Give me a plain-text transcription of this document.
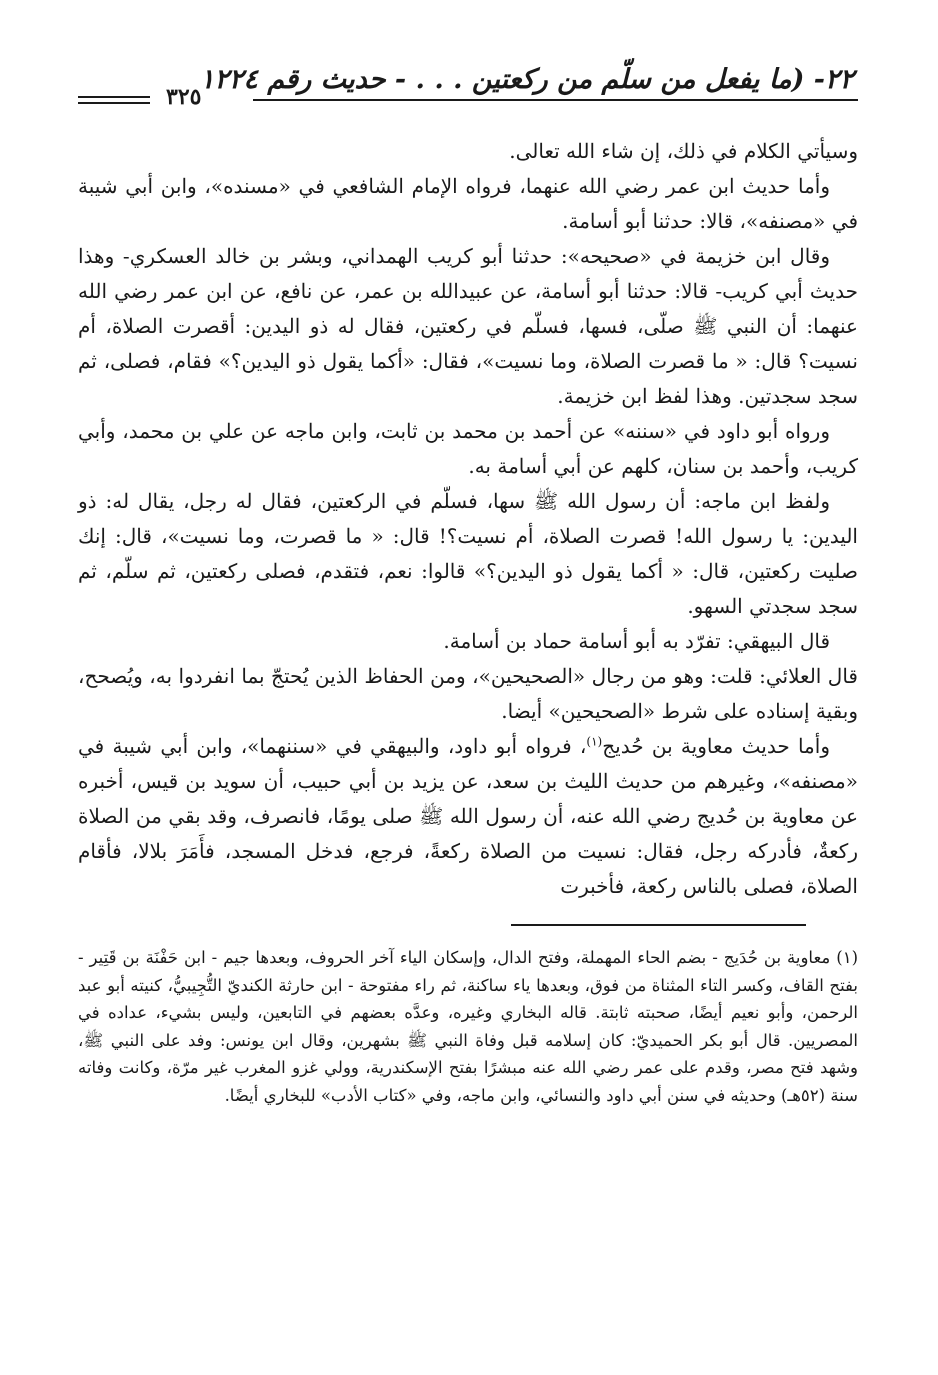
٢٢- (ما يفعل من سلّم من ركعتين . . . - حديث رقم ١٢٢٤
٣٢٥

وسيأتي الكلام في ذلك، إن شاء الله تعالى.

وأما حديث ابن عمر رضي الله عنهما، فرواه الإمام الشافعي في «مسنده»، وابن أبي شيبة في «مصنفه»، قالا: حدثنا أبو أسامة.

وقال ابن خزيمة في «صحيحه»: حدثنا أبو كريب الهمداني، وبشر بن خالد العسكري- وهذا حديث أبي كريب- قالا: حدثنا أبو أسامة، عن عبيدالله بن عمر، عن نافع، عن ابن عمر رضي الله عنهما: أن النبي ﷺ صلّى، فسها، فسلّم في ركعتين، فقال له ذو اليدين: أقصرت الصلاة، أم نسيت؟ قال: « ما قصرت الصلاة، وما نسيت»، فقال: «أكما يقول ذو اليدين؟» فقام، فصلى، ثم سجد سجدتين. وهذا لفظ ابن خزيمة.

ورواه أبو داود في «سننه» عن أحمد بن محمد بن ثابت، وابن ماجه عن علي بن محمد، وأبي كريب، وأحمد بن سنان، كلهم عن أبي أسامة به.

ولفظ ابن ماجه: أن رسول الله ﷺ سها، فسلّم في الركعتين، فقال له رجل، يقال له: ذو اليدين: يا رسول الله! قصرت الصلاة، أم نسيت؟! قال: « ما قصرت، وما نسيت»، قال: إنك صليت ركعتين، قال: « أكما يقول ذو اليدين؟» قالوا: نعم، فتقدم، فصلى ركعتين، ثم سلّم، ثم سجد سجدتي السهو.

قال البيهقي: تفرّد به أبو أسامة حماد بن أسامة.

قال العلائي: قلت: وهو من رجال «الصحيحين»، ومن الحفاظ الذين يُحتجّ بما انفردوا به، ويُصحح، وبقية إسناده على شرط «الصحيحين» أيضا.

وأما حديث معاوية بن حُديج$^{(١)}$، فرواه أبو داود، والبيهقي في «سننهما»، وابن أبي شيبة في «مصنفه»، وغيرهم من حديث الليث بن سعد، عن يزيد بن أبي حبيب، أن سويد بن قيس، أخبره عن معاوية بن حُديج رضي الله عنه، أن رسول الله ﷺ صلى يومًا، فانصرف، وقد بقي من الصلاة ركعةٌ، فأدركه رجل، فقال: نسيت من الصلاة ركعةً، فرجع، فدخل المسجد، فأَمَرَ بلالا، فأقام الصلاة، فصلى بالناس ركعة، فأخبرت

(١) معاوية بن حُدَيج - بضم الحاء المهملة، وفتح الدال، وإسكان الياء آخر الحروف، وبعدها جيم - ابن حَفْنَة بن قَتِير - بفتح القاف، وكسر التاء المثناة من فوق، وبعدها ياء ساكنة، ثم راء مفتوحة - ابن حارثة الكنديّ التُّجِيبيُّ، كنيته أبو عبد الرحمن، وأبو نعيم أيضًا، صحبته ثابتة. قاله البخاري وغيره، وعدَّه بعضهم في التابعين، وليس بشيء، عداده في المصريين. قال أبو بكر الحميديّ: كان إسلامه قبل وفاة النبي ﷺ بشهرين، وقال ابن يونس: وفد على النبي ﷺ، وشهد فتح مصر، وقدم على عمر رضي الله عنه مبشرًا بفتح الإسكندرية، وولي غزو المغرب غير مرّة، وكانت وفاته سنة (٥٢هـ) وحديثه في سنن أبي داود والنسائي، وابن ماجه، وفي «كتاب الأدب» للبخاري أيضًا.
